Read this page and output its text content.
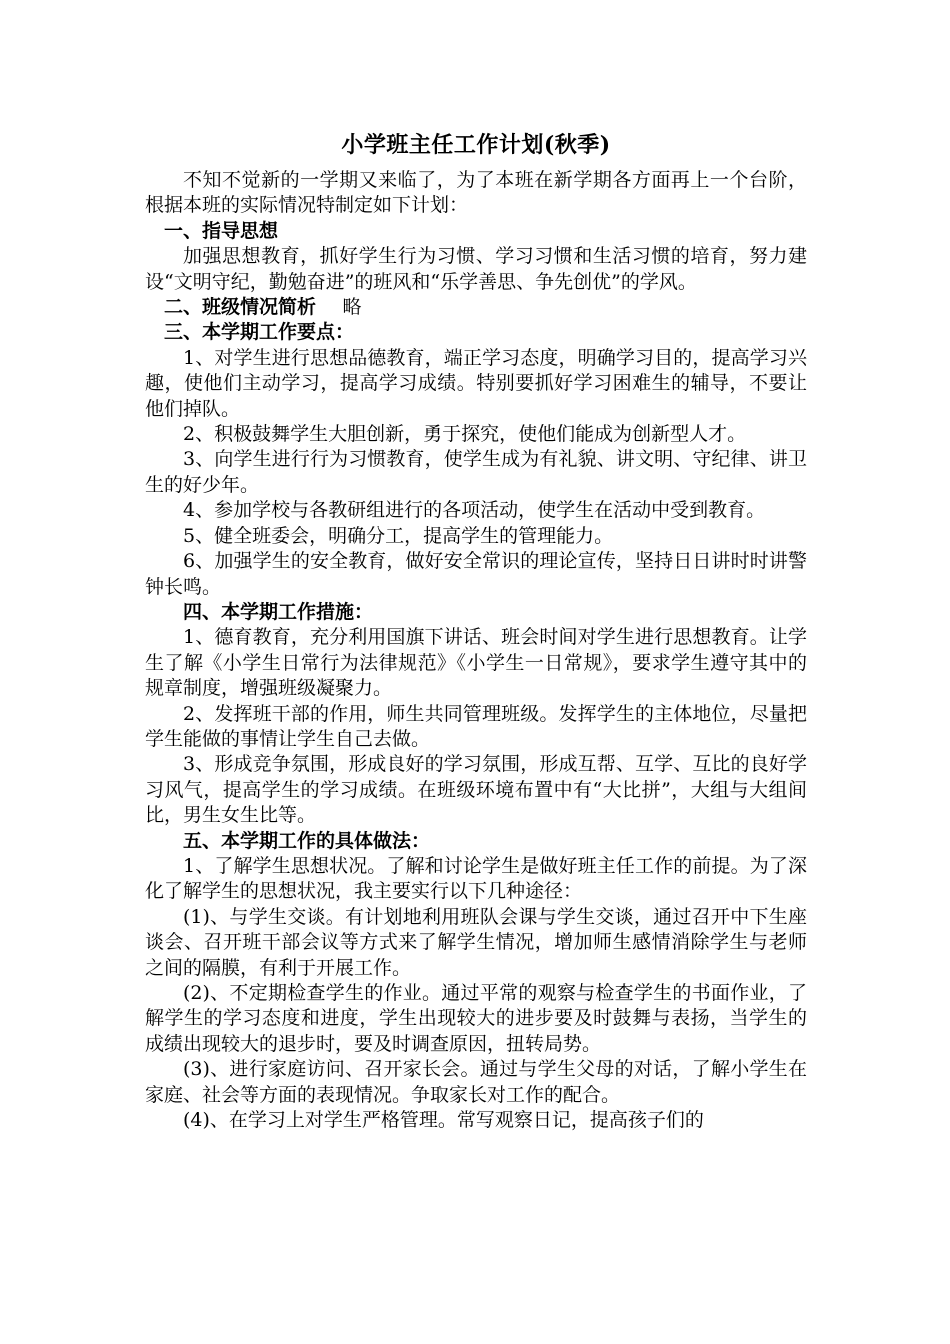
小学班主任工作计划(秋季)

不知不觉新的一学期又来临了，为了本班在新学期各方面再上一个台阶，根据本班的实际情况特制定如下计划：

一、指导思想

加强思想教育，抓好学生行为习惯、学习习惯和生活习惯的培育，努力建设“文明守纪，勤勉奋进”的班风和“乐学善思、争先创优”的学风。

二、班级情况简析 略

三、本学期工作要点：

1、对学生进行思想品德教育，端正学习态度，明确学习目的，提高学习兴趣，使他们主动学习，提高学习成绩。特别要抓好学习困难生的辅导，不要让他们掉队。

2、积极鼓舞学生大胆创新，勇于探究，使他们能成为创新型人才。

3、向学生进行行为习惯教育，使学生成为有礼貌、讲文明、守纪律、讲卫生的好少年。

4、参加学校与各教研组进行的各项活动，使学生在活动中受到教育。

5、健全班委会，明确分工，提高学生的管理能力。

6、加强学生的安全教育，做好安全常识的理论宣传，坚持日日讲时时讲警钟长鸣。

四、本学期工作措施：

1、德育教育，充分利用国旗下讲话、班会时间对学生进行思想教育。让学生了解《小学生日常行为法律规范》《小学生一日常规》，要求学生遵守其中的规章制度，增强班级凝聚力。

2、发挥班干部的作用，师生共同管理班级。发挥学生的主体地位，尽量把学生能做的事情让学生自己去做。

3、形成竞争氛围，形成良好的学习氛围，形成互帮、互学、互比的良好学习风气，提高学生的学习成绩。在班级环境布置中有“大比拼”，大组与大组间比，男生女生比等。

五、本学期工作的具体做法：

1、了解学生思想状况。了解和讨论学生是做好班主任工作的前提。为了深化了解学生的思想状况，我主要实行以下几种途径：

(1)、与学生交谈。有计划地利用班队会课与学生交谈，通过召开中下生座谈会、召开班干部会议等方式来了解学生情况，增加师生感情消除学生与老师之间的隔膜，有利于开展工作。

(2)、不定期检查学生的作业。通过平常的观察与检查学生的书面作业，了解学生的学习态度和进度，学生出现较大的进步要及时鼓舞与表扬，当学生的成绩出现较大的退步时，要及时调查原因，扭转局势。

(3)、进行家庭访问、召开家长会。通过与学生父母的对话，了解小学生在家庭、社会等方面的表现情况。争取家长对工作的配合。

(4)、在学习上对学生严格管理。常写观察日记，提高孩子们的
